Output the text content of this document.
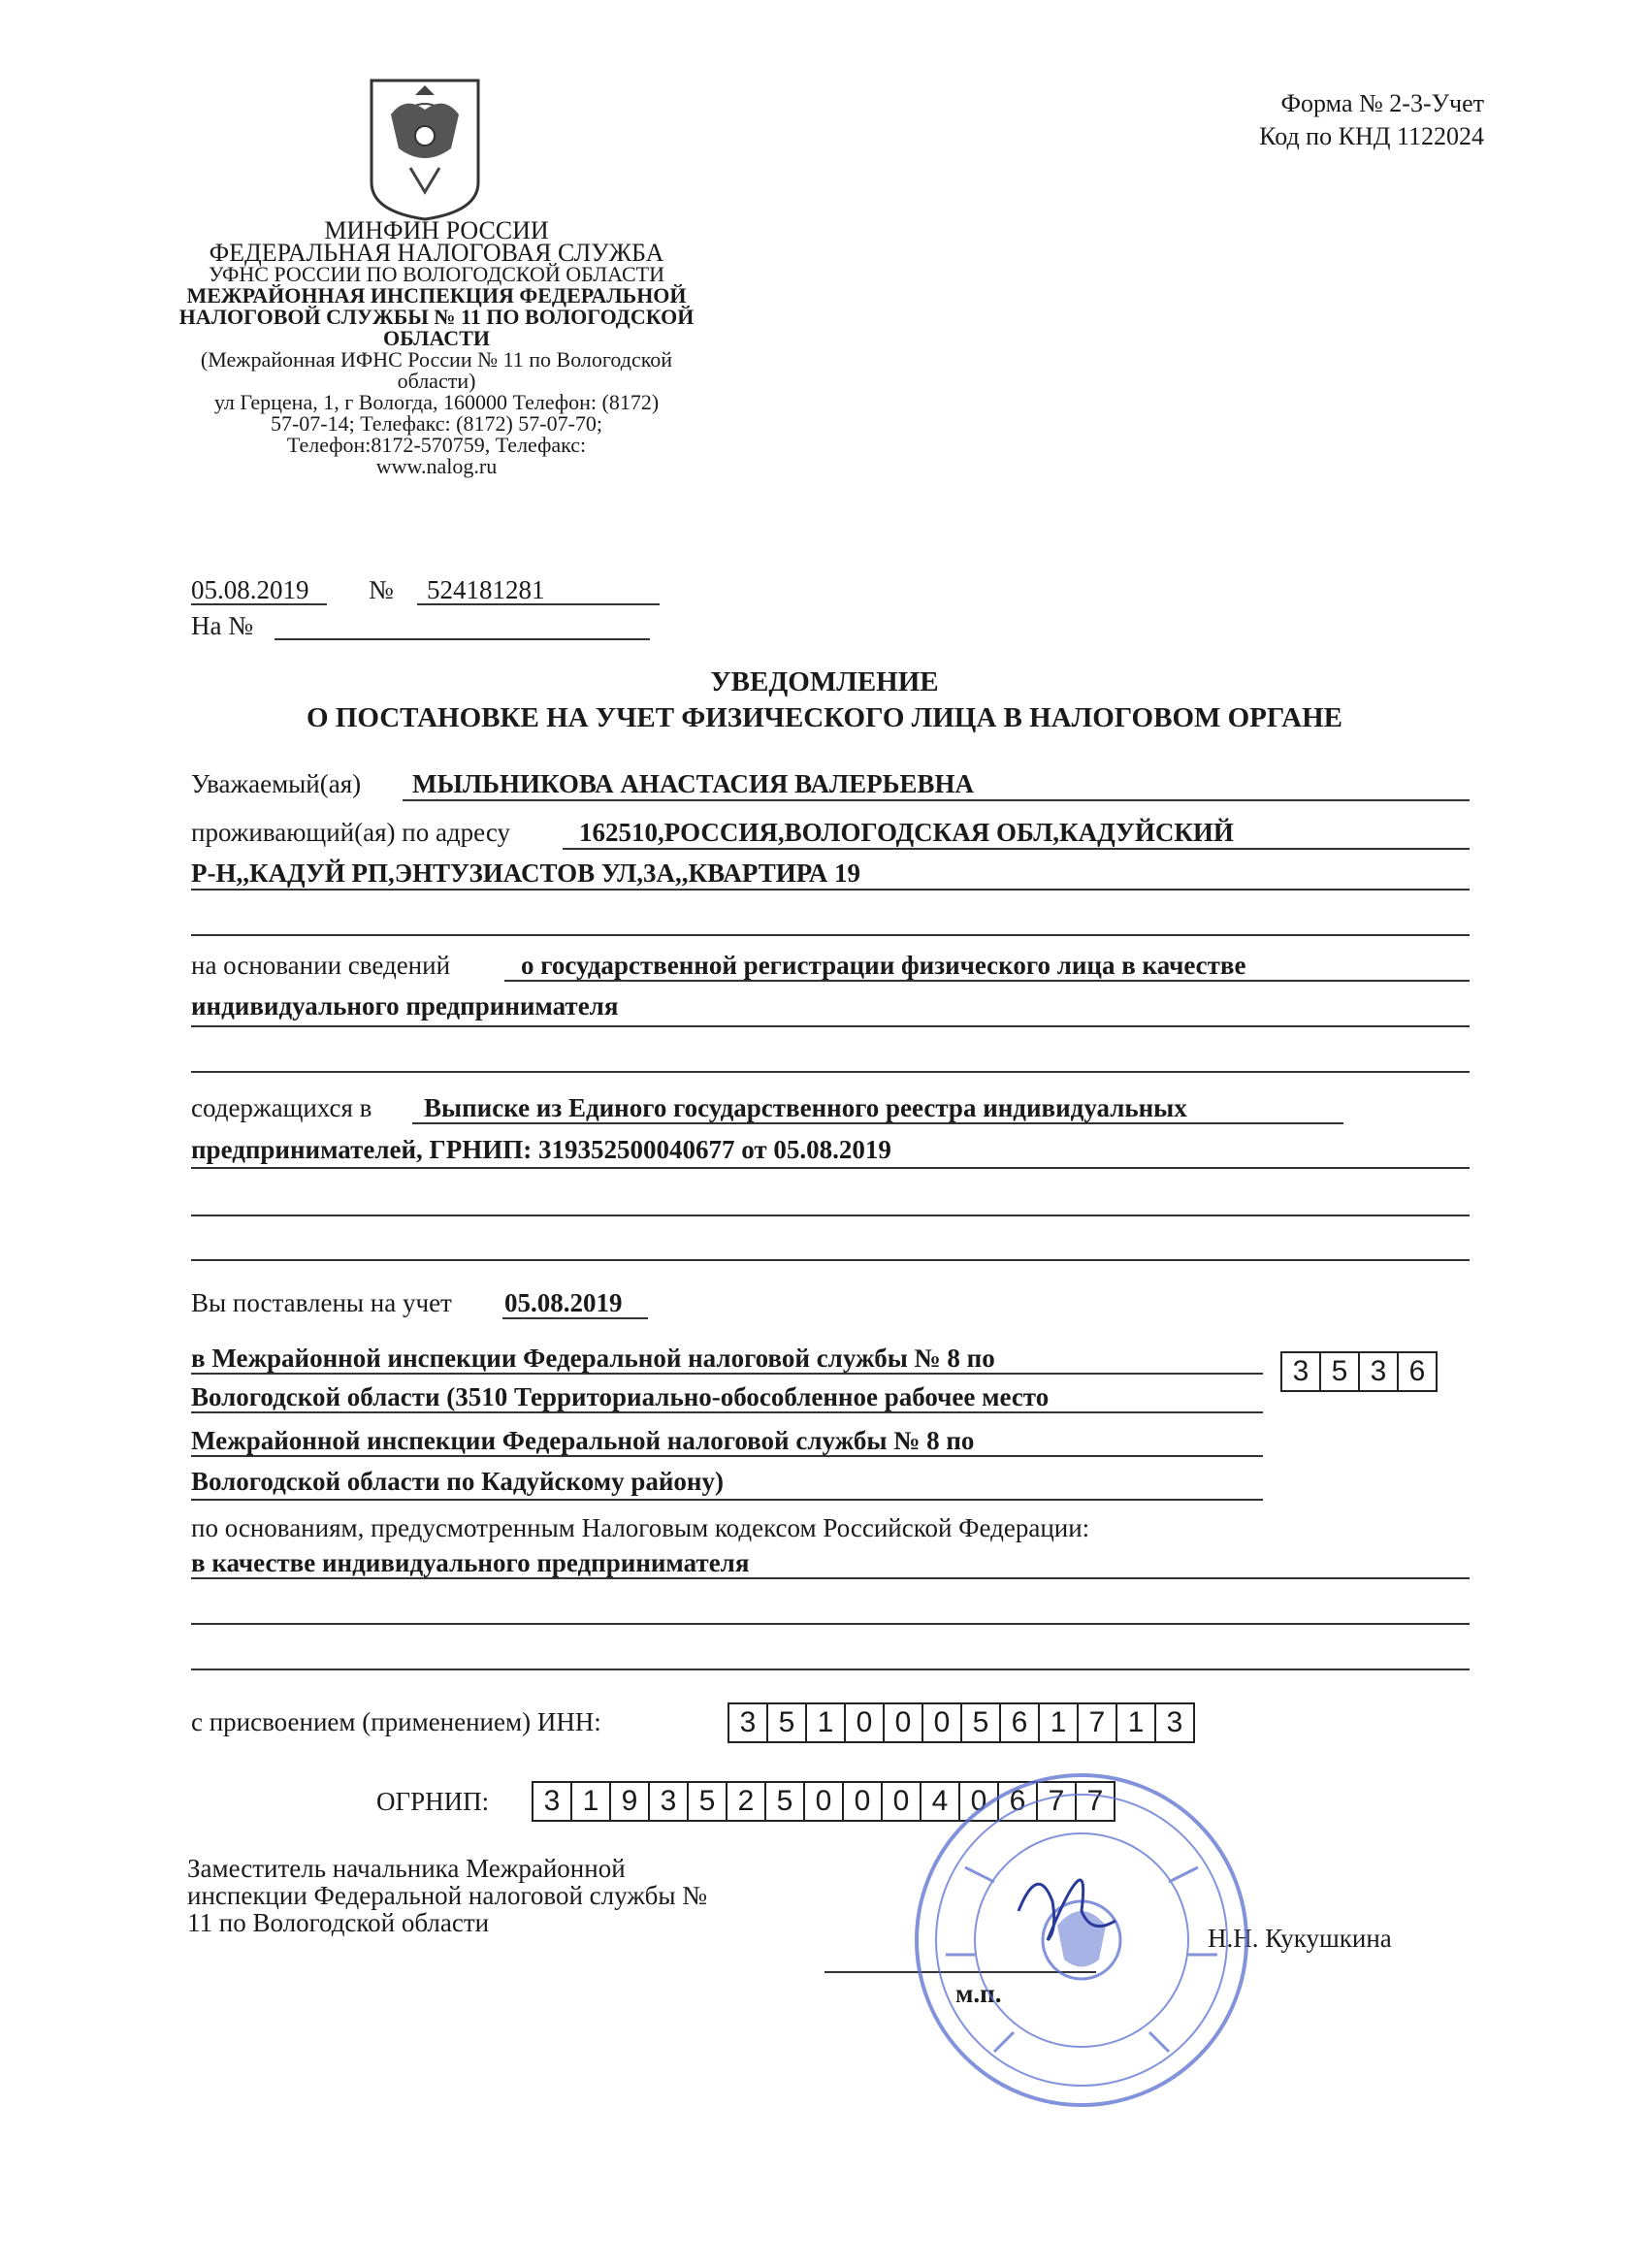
Форма № 2-3-Учет
Код по КНД 1122024
МИНФИН РОССИИ
ФЕДЕРАЛЬНАЯ НАЛОГОВАЯ СЛУЖБА
УФНС РОССИИ ПО ВОЛОГОДСКОЙ ОБЛАСТИ
МЕЖРАЙОННАЯ ИНСПЕКЦИЯ ФЕДЕРАЛЬНОЙ
НАЛОГОВОЙ СЛУЖБЫ № 11 ПО ВОЛОГОДСКОЙ
ОБЛАСТИ
(Межрайонная ИФНС России № 11 по Вологодской
области)
ул Герцена, 1, г Вологда, 160000 Телефон: (8172)
57-07-14; Телефакс: (8172) 57-07-70;
Телефон:8172-570759, Телефакс:
www.nalog.ru
05.08.2019 № 524181281
На №
УВЕДОМЛЕНИЕ
О ПОСТАНОВКЕ НА УЧЕТ ФИЗИЧЕСКОГО ЛИЦА В НАЛОГОВОМ ОРГАНЕ
Уважаемый(ая) МЫЛЬНИКОВА АНАСТАСИЯ ВАЛЕРЬЕВНА
проживающий(ая) по адресу	162510,РОССИЯ,ВОЛОГОДСКАЯ ОБЛ,КАДУЙСКИЙ
Р-Н,,КАДУЙ РП,ЭНТУЗИАСТОВ УЛ,3А,,КВАРТИРА 19
на основании сведений	о государственной регистрации физического лица в качестве
индивидуального предпринимателя
содержащихся в Выписке из Единого государственного реестра индивидуальных
предпринимателей, ГРНИП: 319352500040677 от 05.08.2019
Вы поставлены на учет 05.08.2019
в Межрайонной инспекции Федеральной налоговой службы № 8 по
Вологодской области (3510 Территориально-обособленное рабочее место
Межрайонной инспекции Федеральной налоговой службы № 8 по
Вологодской области по Кадуйскому району)
3 5 3 6
по основаниям, предусмотренным Налоговым кодексом Российской Федерации:
в качестве индивидуального предпринимателя
с присвоением (применением) ИНН:	3 5 1 0 0 0 5 6 1 7 1 3
ОГРНИП:	3 1 9 3 5 2 5 0 0 0 4 0 6 7 7
Заместитель начальника Межрайонной
инспекции Федеральной налоговой службы №
11 по Вологодской области
Н.Н. Кукушкина
м.п.
